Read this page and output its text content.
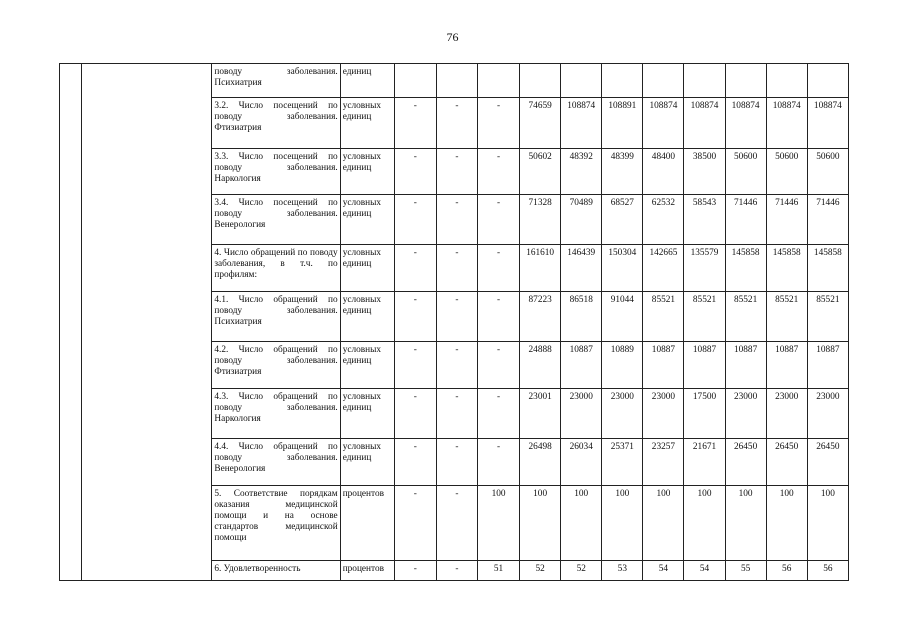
76
		поводу заболевания. Психиатрия	единиц											
		3.2. Число посещений по поводу заболевания. Фтизиатрия	условных единиц	-	-	-	74659	108874	108891	108874	108874	108874	108874	108874
		3.3. Число посещений по поводу заболевания. Наркология	условных единиц	-	-	-	50602	48392	48399	48400	38500	50600	50600	50600
		3.4. Число посещений по поводу заболевания. Венерология	условных единиц	-	-	-	71328	70489	68527	62532	58543	71446	71446	71446
		4. Число обращений по поводу заболевания, в т.ч. по профилям:	условных единиц	-	-	-	161610	146439	150304	142665	135579	145858	145858	145858
		4.1. Число обращений по поводу заболевания. Психиатрия	условных единиц	-	-	-	87223	86518	91044	85521	85521	85521	85521	85521
		4.2. Число обращений по поводу заболевания. Фтизиатрия	условных единиц	-	-	-	24888	10887	10889	10887	10887	10887	10887	10887
		4.3. Число обращений по поводу заболевания. Наркология	условных единиц	-	-	-	23001	23000	23000	23000	17500	23000	23000	23000
		4.4. Число обращений по поводу заболевания. Венерология	условных единиц	-	-	-	26498	26034	25371	23257	21671	26450	26450	26450
		5. Соответствие порядкам оказания медицинской помощи и на основе стандартов медицинской помощи	процентов	-	-	100	100	100	100	100	100	100	100	100
		6. Удовлетворенность	процентов	-	-	51	52	52	53	54	54	55	56	56
